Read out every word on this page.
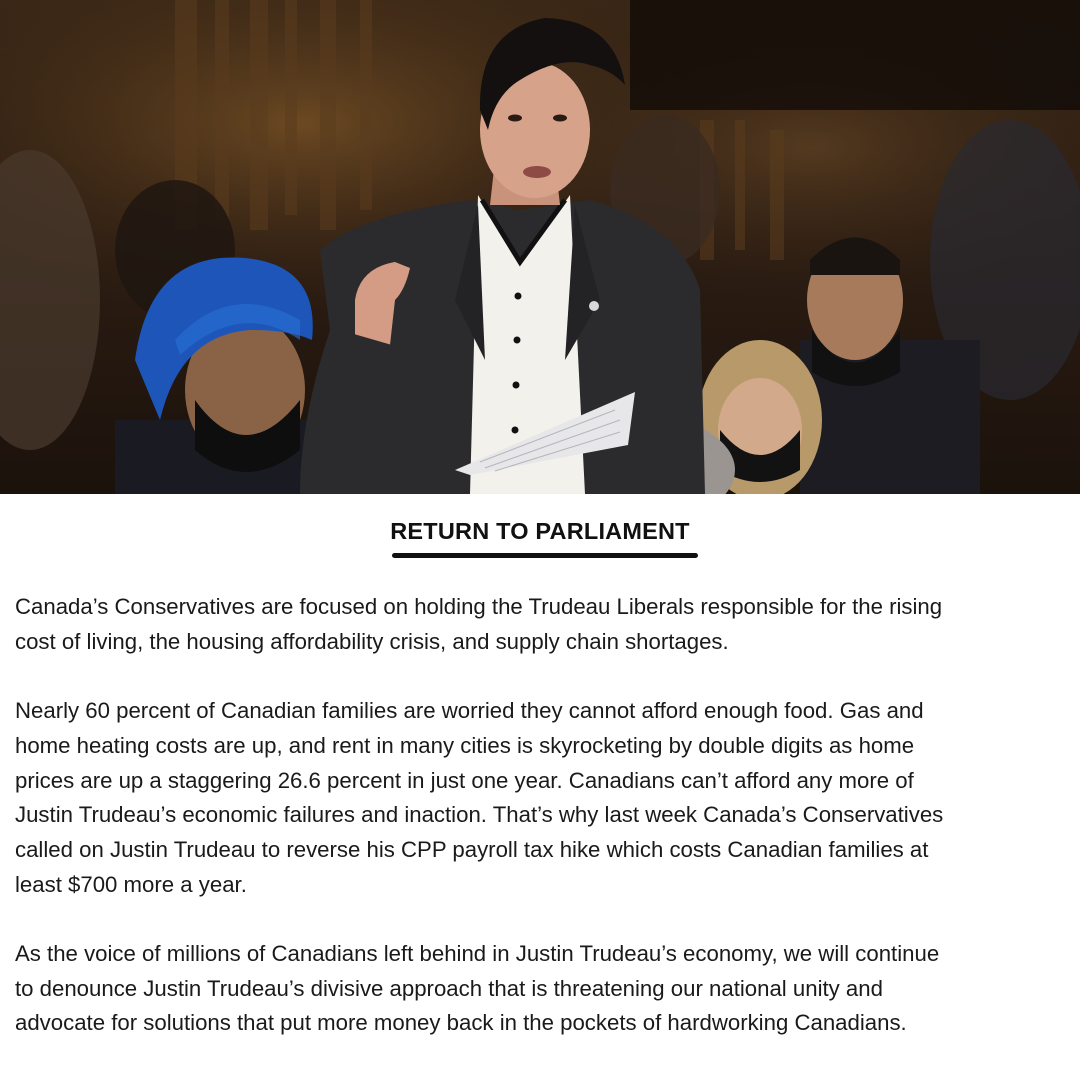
RETURN TO PARLIAMENT

Canada’s Conservatives are focused on holding the Trudeau Liberals responsible for the rising
cost of living, the housing affordability crisis, and supply chain shortages.

Nearly 60 percent of Canadian families are worried they cannot afford enough food. Gas and
home heating costs are up, and rent in many cities is skyrocketing by double digits as home
prices are up a staggering 26.6 percent in just one year. Canadians can’t afford any more of
Justin Trudeau’s economic failures and inaction. That’s why last week Canada’s Conservatives
called on Justin Trudeau to reverse his CPP payroll tax hike which costs Canadian families at
least $700 more a year.

As the voice of millions of Canadians left behind in Justin Trudeau’s economy, we will continue
to denounce Justin Trudeau’s divisive approach that is threatening our national unity and
advocate for solutions that put more money back in the pockets of hardworking Canadians.
